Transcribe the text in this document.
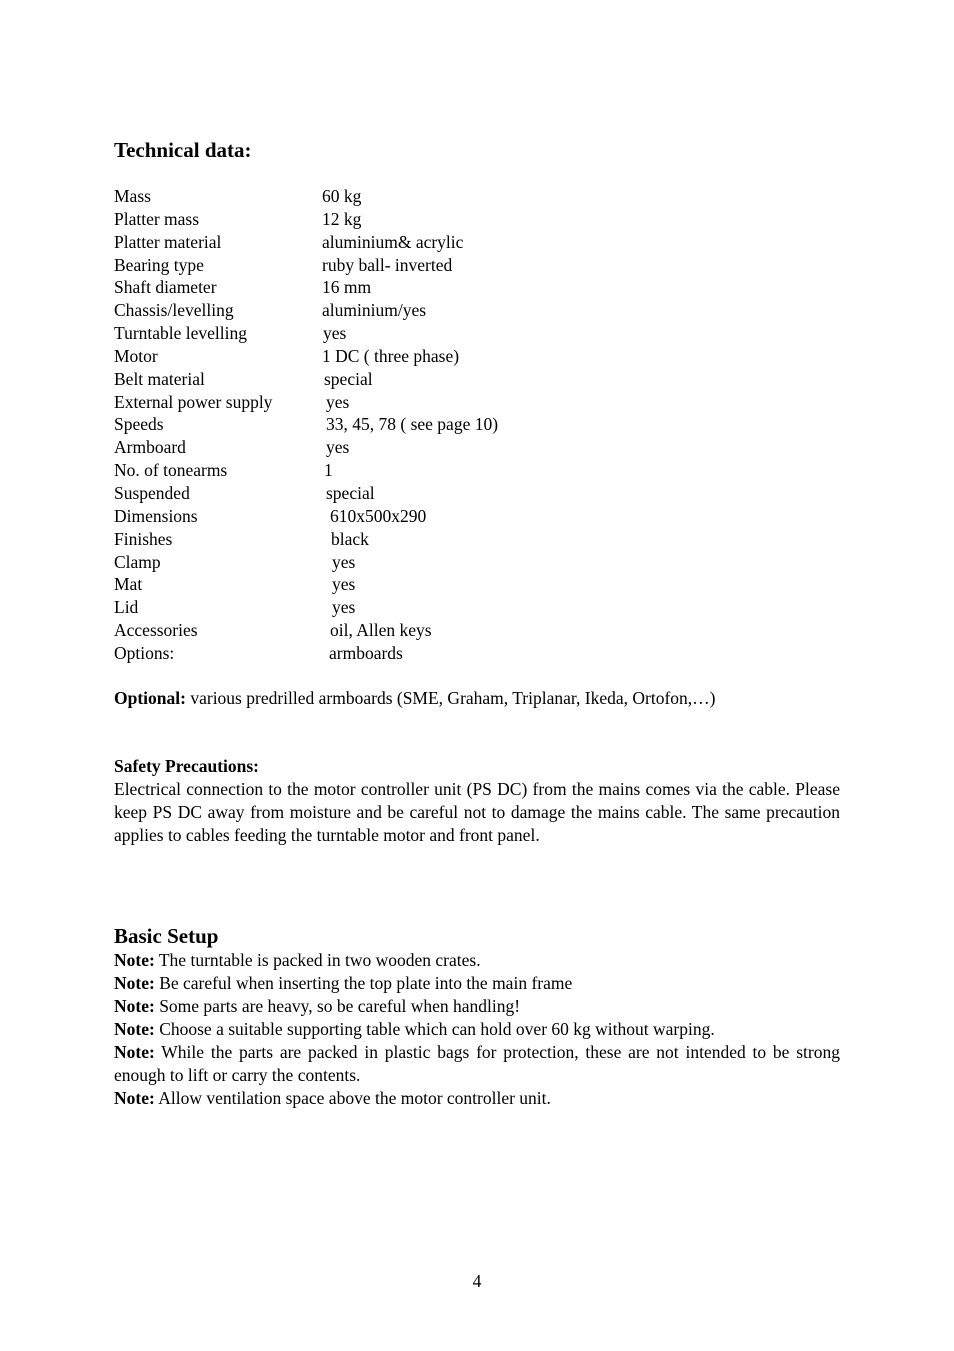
Technical data:
Mass	60 kg
Platter mass	12 kg
Platter material	aluminium& acrylic
Bearing type	ruby ball- inverted
Shaft diameter	16 mm
Chassis/levelling	aluminium/yes
Turntable levelling	yes
Motor	1 DC ( three phase)
Belt material	special
External power supply	yes
Speeds	33, 45, 78 ( see page 10)
Armboard	yes
No. of tonearms	1
Suspended	special
Dimensions	610x500x290
Finishes	black
Clamp	yes
Mat	yes
Lid	yes
Accessories	oil, Allen keys
Options:	armboards
Optional: various predrilled armboards (SME, Graham, Triplanar, Ikeda, Ortofon,…)
Safety Precautions:
Electrical connection to the motor controller unit (PS DC) from the mains comes via the cable. Please keep PS DC away from moisture and be careful not to damage the mains cable. The same precaution applies to cables feeding the turntable motor and front panel.
Basic Setup
Note: The turntable is packed in two wooden crates.
Note: Be careful when inserting the top plate into the main frame
Note: Some parts are heavy, so be careful when handling!
Note: Choose a suitable supporting table which can hold over 60 kg without warping.
Note: While the parts are packed in plastic bags for protection, these are not intended to be strong enough to lift or carry the contents.
Note: Allow ventilation space above the motor controller unit.
4
